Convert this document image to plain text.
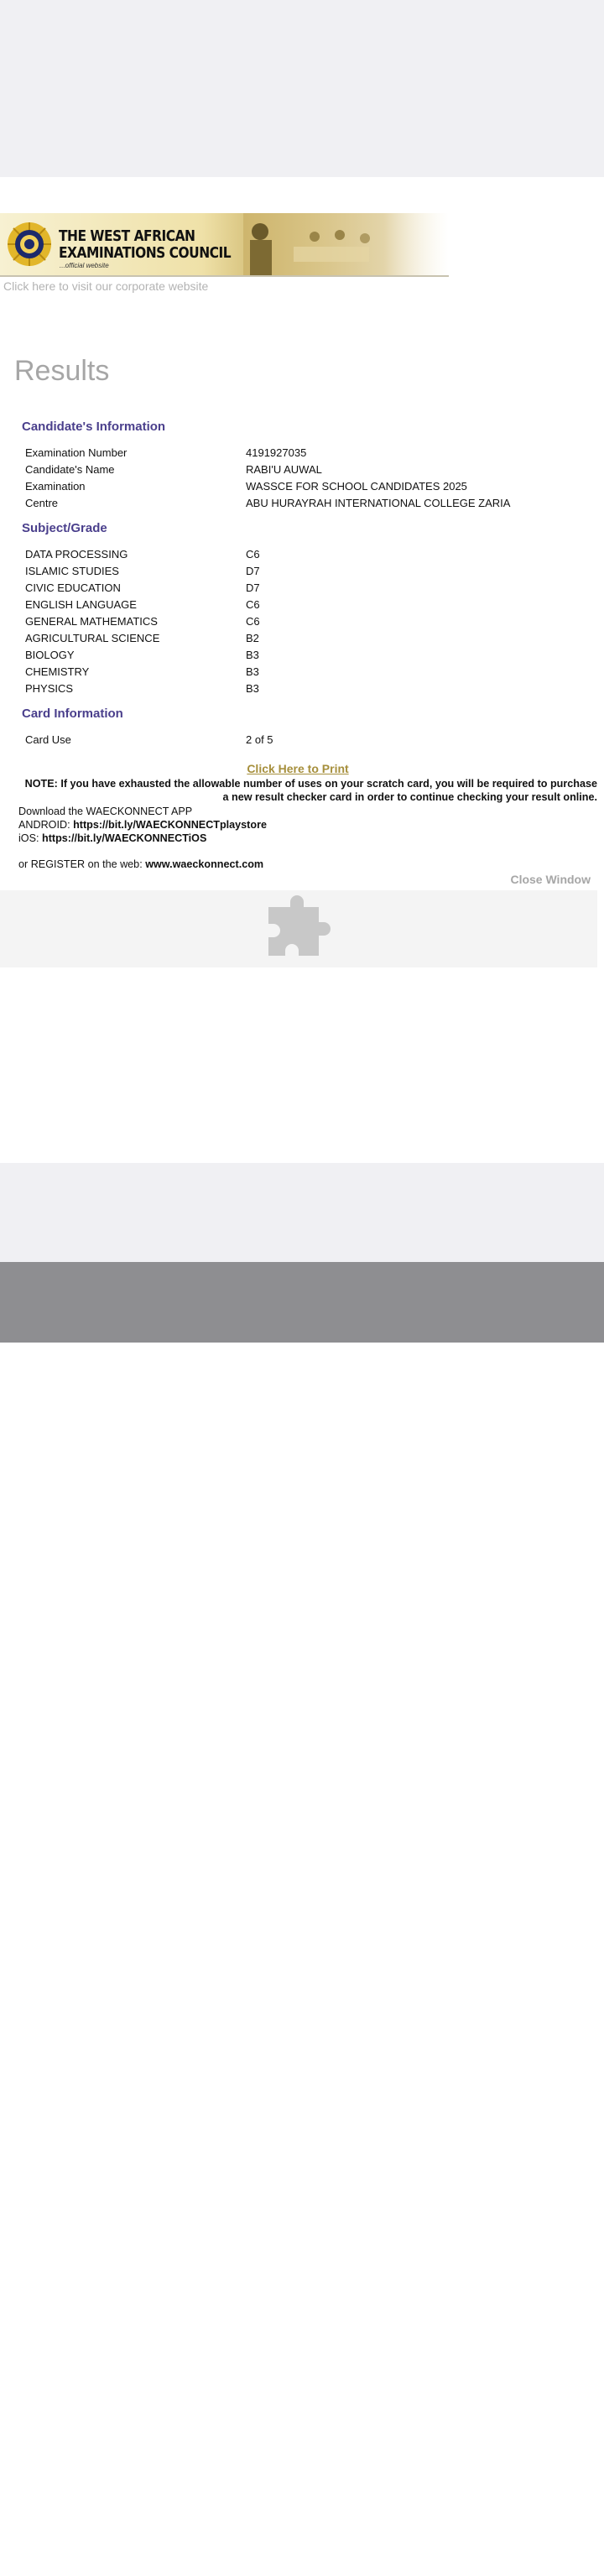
THE WEST AFRICAN
EXAMINATIONS COUNCIL
...official website
Click here to visit our corporate website
Results
Candidate's Information
Examination Number	4191927035
Candidate's Name	RABI'U AUWAL
Examination	WASSCE FOR SCHOOL CANDIDATES 2025
Centre	ABU HURAYRAH INTERNATIONAL COLLEGE ZARIA
Subject/Grade
DATA PROCESSING	C6
ISLAMIC STUDIES	D7
CIVIC EDUCATION	D7
ENGLISH LANGUAGE	C6
GENERAL MATHEMATICS	C6
AGRICULTURAL SCIENCE	B2
BIOLOGY	B3
CHEMISTRY	B3
PHYSICS	B3
Card Information
Card Use	2 of 5
Click Here to Print
NOTE: If you have exhausted the allowable number of uses on your scratch card, you will be required to purchase a new result checker card in order to continue checking your result online.
Download the WAECKONNECT APP
ANDROID: https://bit.ly/WAECKONNECTplaystore
iOS: https://bit.ly/WAECKONNECTiOS
or REGISTER on the web: www.waeckonnect.com
Close Window
